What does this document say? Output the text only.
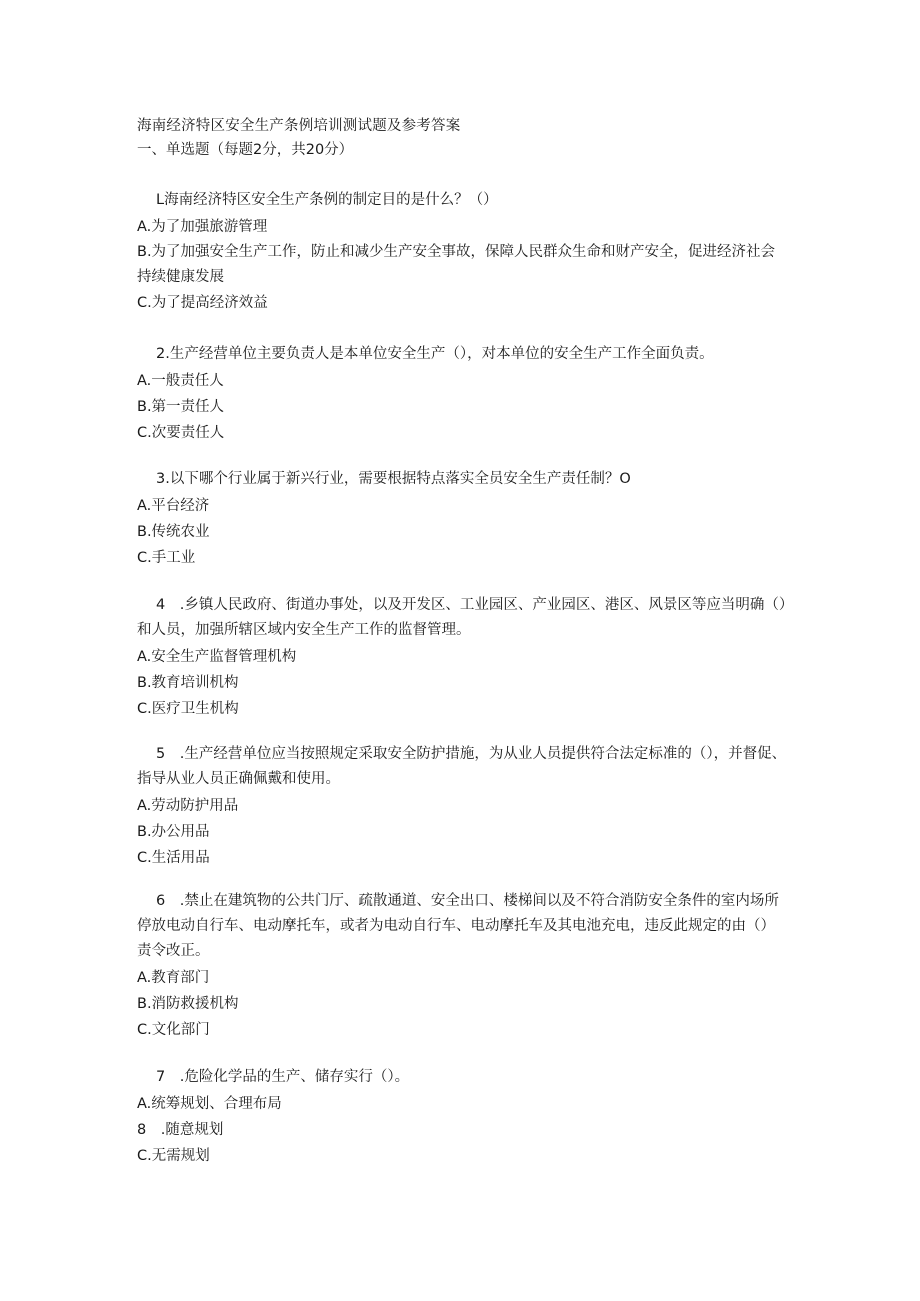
海南经济特区安全生产条例培训测试题及参考答案
一、单选题（每题2分，共20分）
L海南经济特区安全生产条例的制定目的是什么？（）
A.为了加强旅游管理
B.为了加强安全生产工作，防止和减少生产安全事故，保障人民群众生命和财产安全，促进经济社会持续健康发展
C.为了提高经济效益
2.生产经营单位主要负责人是本单位安全生产（），对本单位的安全生产工作全面负责。
A.一般责任人
B.第一责任人
C.次要责任人
3.以下哪个行业属于新兴行业，需要根据特点落实全员安全生产责任制？O
A.平台经济
B.传统农业
C.手工业
4　.乡镇人民政府、街道办事处，以及开发区、工业园区、产业园区、港区、风景区等应当明确（）和人员，加强所辖区域内安全生产工作的监督管理。
A.安全生产监督管理机构
B.教育培训机构
C.医疗卫生机构
5　.生产经营单位应当按照规定采取安全防护措施，为从业人员提供符合法定标准的（），并督促、指导从业人员正确佩戴和使用。
A.劳动防护用品
B.办公用品
C.生活用品
6　.禁止在建筑物的公共门厅、疏散通道、安全出口、楼梯间以及不符合消防安全条件的室内场所停放电动自行车、电动摩托车，或者为电动自行车、电动摩托车及其电池充电，违反此规定的由（）责令改正。
A.教育部门
B.消防救援机构
C.文化部门
7　.危险化学品的生产、储存实行（）。
A.统筹规划、合理布局
8　.随意规划
C.无需规划
